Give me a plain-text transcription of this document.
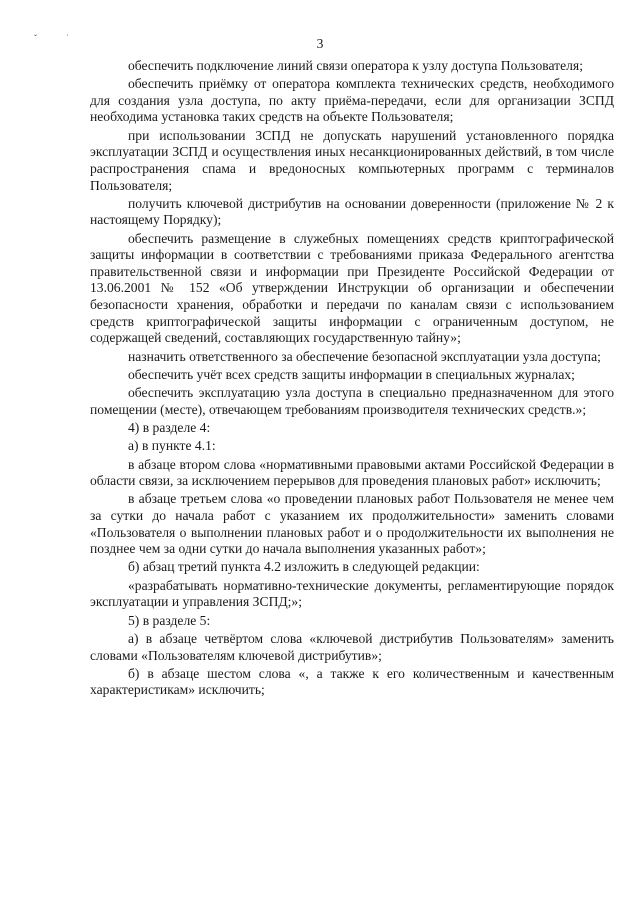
ˇ	˙	3

обеспечить подключение линий связи оператора к узлу доступа Пользователя;

обеспечить приёмку от оператора комплекта технических средств, необходимого для создания узла доступа, по акту приёма-передачи, если для организации ЗСПД необходима установка таких средств на объекте Пользователя;

при использовании ЗСПД не допускать нарушений установленного порядка эксплуатации ЗСПД и осуществления иных несанкционированных действий, в том числе распространения спама и вредоносных компьютерных программ с терминалов Пользователя;

получить ключевой дистрибутив на основании доверенности (приложение № 2 к настоящему Порядку);

обеспечить размещение в служебных помещениях средств криптографической защиты информации в соответствии с требованиями приказа Федерального агентства правительственной связи и информации при Президенте Российской Федерации от 13.06.2001 № 152 «Об утверждении Инструкции об организации и обеспечении безопасности хранения, обработки и передачи по каналам связи с использованием средств криптографической защиты информации с ограниченным доступом, не содержащей сведений, составляющих государственную тайну»;

назначить ответственного за обеспечение безопасной эксплуатации узла доступа;

обеспечить учёт всех средств защиты информации в специальных журналах;

обеспечить эксплуатацию узла доступа в специально предназначенном для этого помещении (месте), отвечающем требованиям производителя технических средств.»;

4) в разделе 4:

а) в пункте 4.1:

в абзаце втором слова «нормативными правовыми актами Российской Федерации в области связи, за исключением перерывов для проведения плановых работ» исключить;

в абзаце третьем слова «о проведении плановых работ Пользователя не менее чем за сутки до начала работ с указанием их продолжительности» заменить словами «Пользователя о выполнении плановых работ и о продолжительности их выполнения не позднее чем за одни сутки до начала выполнения указанных работ»;

б) абзац третий пункта 4.2 изложить в следующей редакции:

«разрабатывать нормативно-технические документы, регламентирующие порядок эксплуатации и управления ЗСПД;»;

5) в разделе 5:

а) в абзаце четвёртом слова «ключевой дистрибутив Пользователям» заменить словами «Пользователям ключевой дистрибутив»;

б) в абзаце шестом слова «, а также к его количественным и качественным характеристикам» исключить;
